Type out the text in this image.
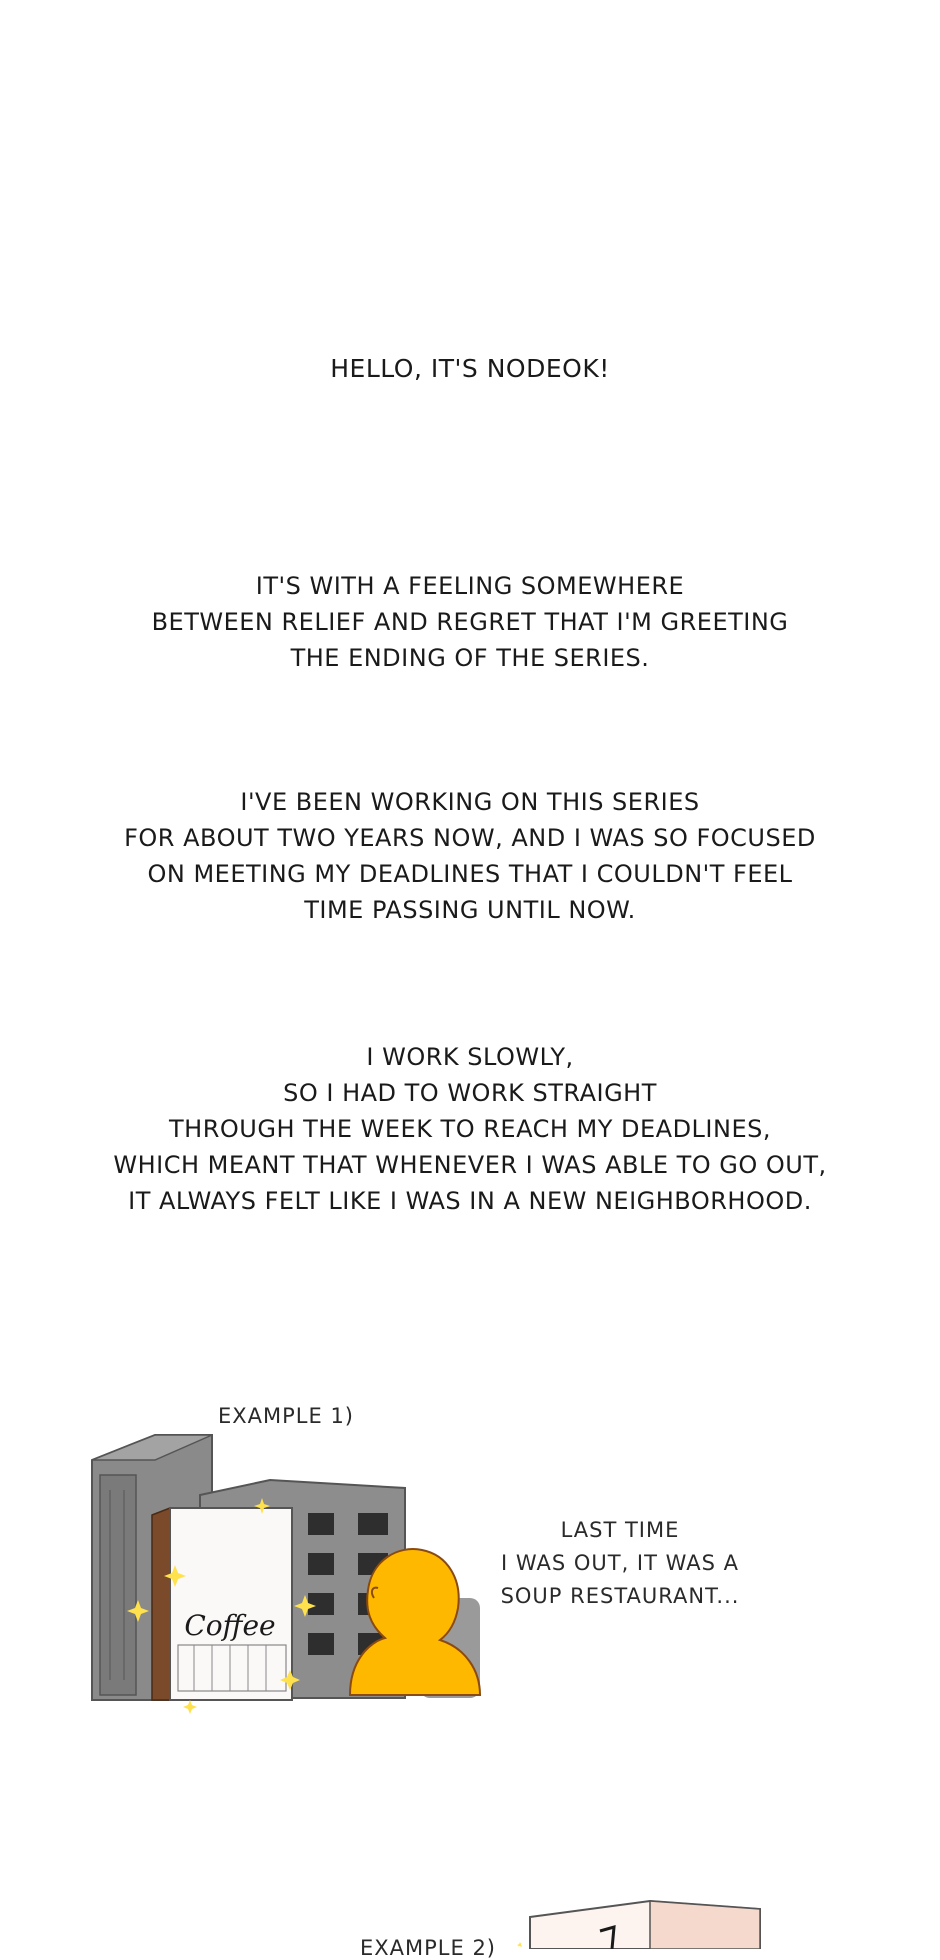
HELLO, IT'S NODEOK!
IT'S WITH A FEELING SOMEWHERE
BETWEEN RELIEF AND REGRET THAT I'M GREETING
THE ENDING OF THE SERIES.
I'VE BEEN WORKING ON THIS SERIES
FOR ABOUT TWO YEARS NOW, AND I WAS SO FOCUSED
ON MEETING MY DEADLINES THAT I COULDN'T FEEL
TIME PASSING UNTIL NOW.
I WORK SLOWLY,
SO I HAD TO WORK STRAIGHT
THROUGH THE WEEK TO REACH MY DEADLINES,
WHICH MEANT THAT WHENEVER I WAS ABLE TO GO OUT,
IT ALWAYS FELT LIKE I WAS IN A NEW NEIGHBORHOOD.
EXAMPLE 1)
Coffee
LAST TIME
I WAS OUT, IT WAS A
SOUP RESTAURANT...
EXAMPLE 2)
